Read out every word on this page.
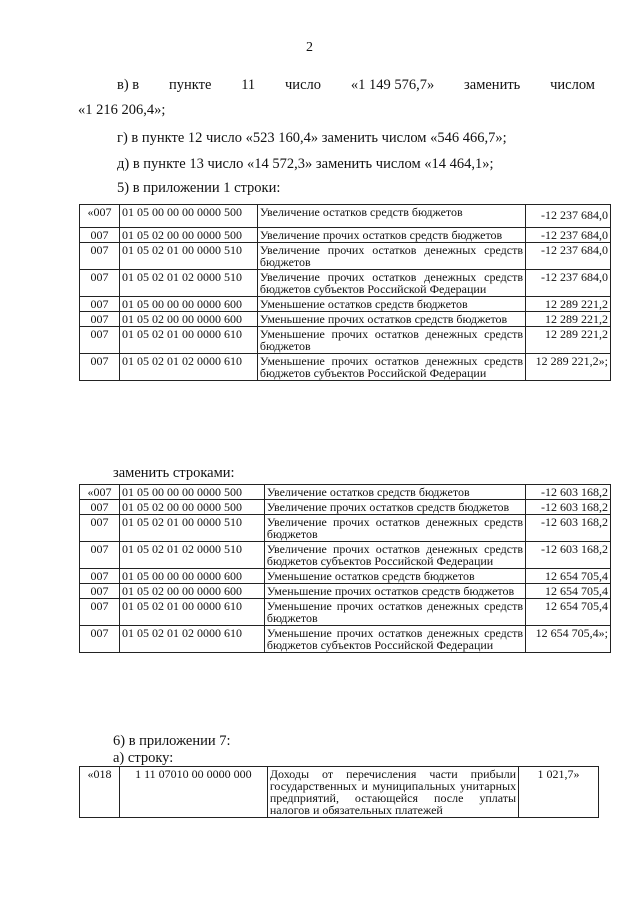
2
в) в пункте 11 число «1 149 576,7» заменить числом
«1 216 206,4»;
г) в пункте 12 число «523 160,4» заменить числом «546 466,7»;
д) в пункте 13 число «14 572,3» заменить числом «14 464,1»;
5) в приложении 1 строки:
«007	01 05 00 00 00 0000 500	Увеличение остатков средств бюджетов	-12 237 684,0
007	01 05 02 00 00 0000 500	Увеличение прочих остатков средств бюджетов	-12 237 684,0
007	01 05 02 01 00 0000 510	Увеличение прочих остатков денежных средств бюджетов	-12 237 684,0
007	01 05 02 01 02 0000 510	Увеличение прочих остатков денежных средств бюджетов субъектов Российской Федерации	-12 237 684,0
007	01 05 00 00 00 0000 600	Уменьшение остатков средств бюджетов	12 289 221,2
007	01 05 02 00 00 0000 600	Уменьшение прочих остатков средств бюджетов	12 289 221,2
007	01 05 02 01 00 0000 610	Уменьшение прочих остатков денежных средств бюджетов	12 289 221,2
007	01 05 02 01 02 0000 610	Уменьшение прочих остатков денежных средств бюджетов субъектов Российской Федерации	12 289 221,2»;
заменить строками:
«007	01 05 00 00 00 0000 500	Увеличение остатков средств бюджетов	-12 603 168,2
007	01 05 02 00 00 0000 500	Увеличение прочих остатков средств бюджетов	-12 603 168,2
007	01 05 02 01 00 0000 510	Увеличение прочих остатков денежных средств бюджетов	-12 603 168,2
007	01 05 02 01 02 0000 510	Увеличение прочих остатков денежных средств бюджетов субъектов Российской Федерации	-12 603 168,2
007	01 05 00 00 00 0000 600	Уменьшение остатков средств бюджетов	12 654 705,4
007	01 05 02 00 00 0000 600	Уменьшение прочих остатков средств бюджетов	12 654 705,4
007	01 05 02 01 00 0000 610	Уменьшение прочих остатков денежных средств бюджетов	12 654 705,4
007	01 05 02 01 02 0000 610	Уменьшение прочих остатков денежных средств бюджетов субъектов Российской Федерации	12 654 705,4»;
6) в приложении 7:
а) строку:
«018	1 11 07010 00 0000 000	Доходы от перечисления части прибыли государственных и муниципальных унитарных предприятий, остающейся после уплаты налогов и обязательных платежей	1 021,7»
